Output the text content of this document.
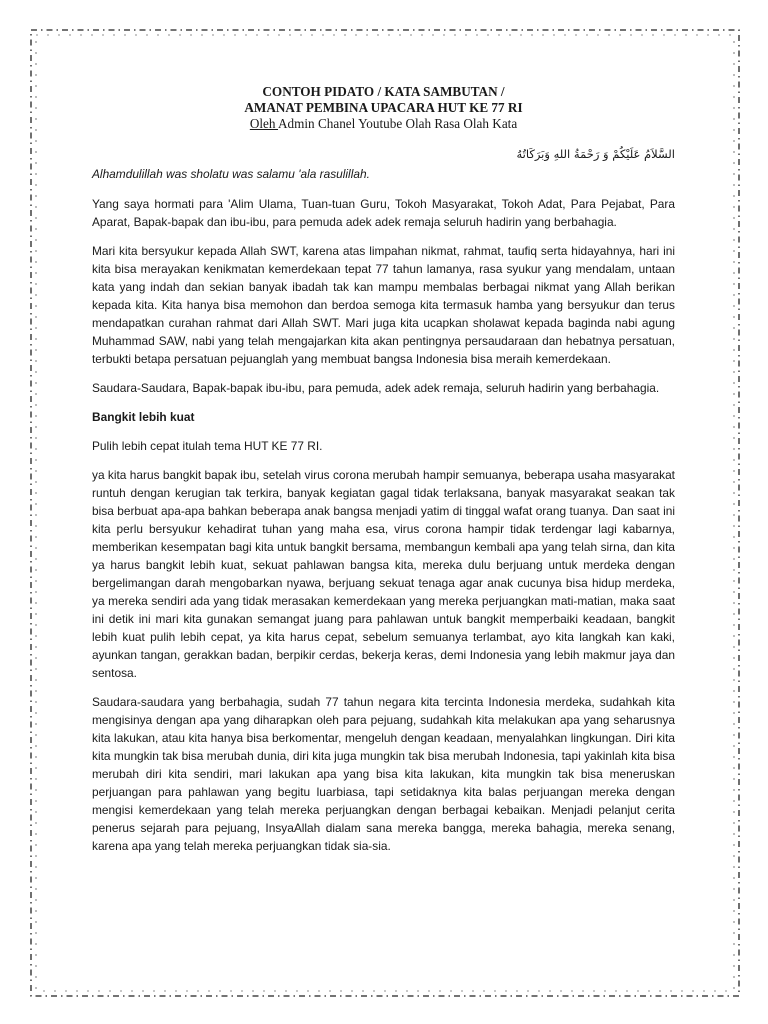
CONTOH PIDATO / KATA SAMBUTAN /
AMANAT PEMBINA UPACARA HUT KE 77 RI
Oleh Admin Chanel Youtube Olah Rasa Olah Kata
السَّلاَمُ عَلَيْكُمْ وَ رَحْمَةُ اللهِ وَبَرَكَاتُهُ

Alhamdulillah was sholatu was salamu 'ala rasulillah.

Yang saya hormati para 'Alim Ulama, Tuan-tuan Guru, Tokoh Masyarakat, Tokoh Adat, Para Pejabat, Para Aparat, Bapak-bapak dan ibu-ibu, para pemuda adek adek remaja seluruh hadirin yang berbahagia.

Mari kita bersyukur kepada Allah SWT, karena atas limpahan nikmat, rahmat, taufiq serta hidayahnya, hari ini kita bisa merayakan kenikmatan kemerdekaan tepat 77 tahun lamanya, rasa syukur yang mendalam, untaan kata yang indah dan sekian banyak ibadah tak kan mampu membalas berbagai nikmat yang Allah berikan kepada kita. Kita hanya bisa memohon dan berdoa semoga kita termasuk hamba yang bersyukur dan terus mendapatkan curahan rahmat dari Allah SWT. Mari juga kita ucapkan sholawat kepada baginda nabi agung Muhammad SAW, nabi yang telah mengajarkan kita akan pentingnya persaudaraan dan hebatnya persatuan, terbukti betapa persatuan pejuanglah yang membuat bangsa Indonesia bisa meraih kemerdekaan.

Saudara-Saudara, Bapak-bapak ibu-ibu, para pemuda, adek adek remaja, seluruh hadirin yang berbahagia.

Bangkit lebih kuat

Pulih lebih cepat itulah tema HUT KE 77 RI.

ya kita harus bangkit bapak ibu, setelah virus corona merubah hampir semuanya, beberapa usaha masyarakat runtuh dengan kerugian tak terkira, banyak kegiatan gagal tidak terlaksana, banyak masyarakat seakan tak bisa berbuat apa-apa bahkan beberapa anak bangsa menjadi yatim di tinggal wafat orang tuanya. Dan saat ini kita perlu bersyukur kehadirat tuhan yang maha esa, virus corona hampir tidak terdengar lagi kabarnya, memberikan kesempatan bagi kita untuk bangkit bersama, membangun kembali apa yang telah sirna, dan kita ya harus bangkit lebih kuat, sekuat pahlawan bangsa kita, mereka dulu berjuang untuk merdeka dengan bergelimangan darah mengobarkan nyawa, berjuang sekuat tenaga agar anak cucunya bisa hidup merdeka, ya mereka sendiri ada yang tidak merasakan kemerdekaan yang mereka perjuangkan mati-matian, maka saat ini detik ini mari kita gunakan semangat juang para pahlawan untuk bangkit memperbaiki keadaan, bangkit lebih kuat pulih lebih cepat, ya kita harus cepat, sebelum semuanya terlambat, ayo kita langkah kan kaki, ayunkan tangan, gerakkan badan, berpikir cerdas, bekerja keras, demi Indonesia yang lebih makmur jaya dan sentosa.

Saudara-saudara yang berbahagia, sudah 77 tahun negara kita tercinta Indonesia merdeka, sudahkah kita mengisinya dengan apa yang diharapkan oleh para pejuang, sudahkah kita melakukan apa yang seharusnya kita lakukan, atau kita hanya bisa berkomentar, mengeluh dengan keadaan, menyalahkan lingkungan. Diri kita kita mungkin tak bisa merubah dunia, diri kita juga mungkin tak bisa merubah Indonesia, tapi yakinlah kita bisa merubah diri kita sendiri, mari lakukan apa yang bisa kita lakukan, kita mungkin tak bisa meneruskan perjuangan para pahlawan yang begitu luarbiasa, tapi setidaknya kita balas perjuangan mereka dengan mengisi kemerdekaan yang telah mereka perjuangkan dengan berbagai kebaikan. Menjadi pelanjut cerita penerus sejarah para pejuang, InsyaAllah dialam sana mereka bangga, mereka bahagia, mereka senang, karena apa yang telah mereka perjuangkan tidak sia-sia.
